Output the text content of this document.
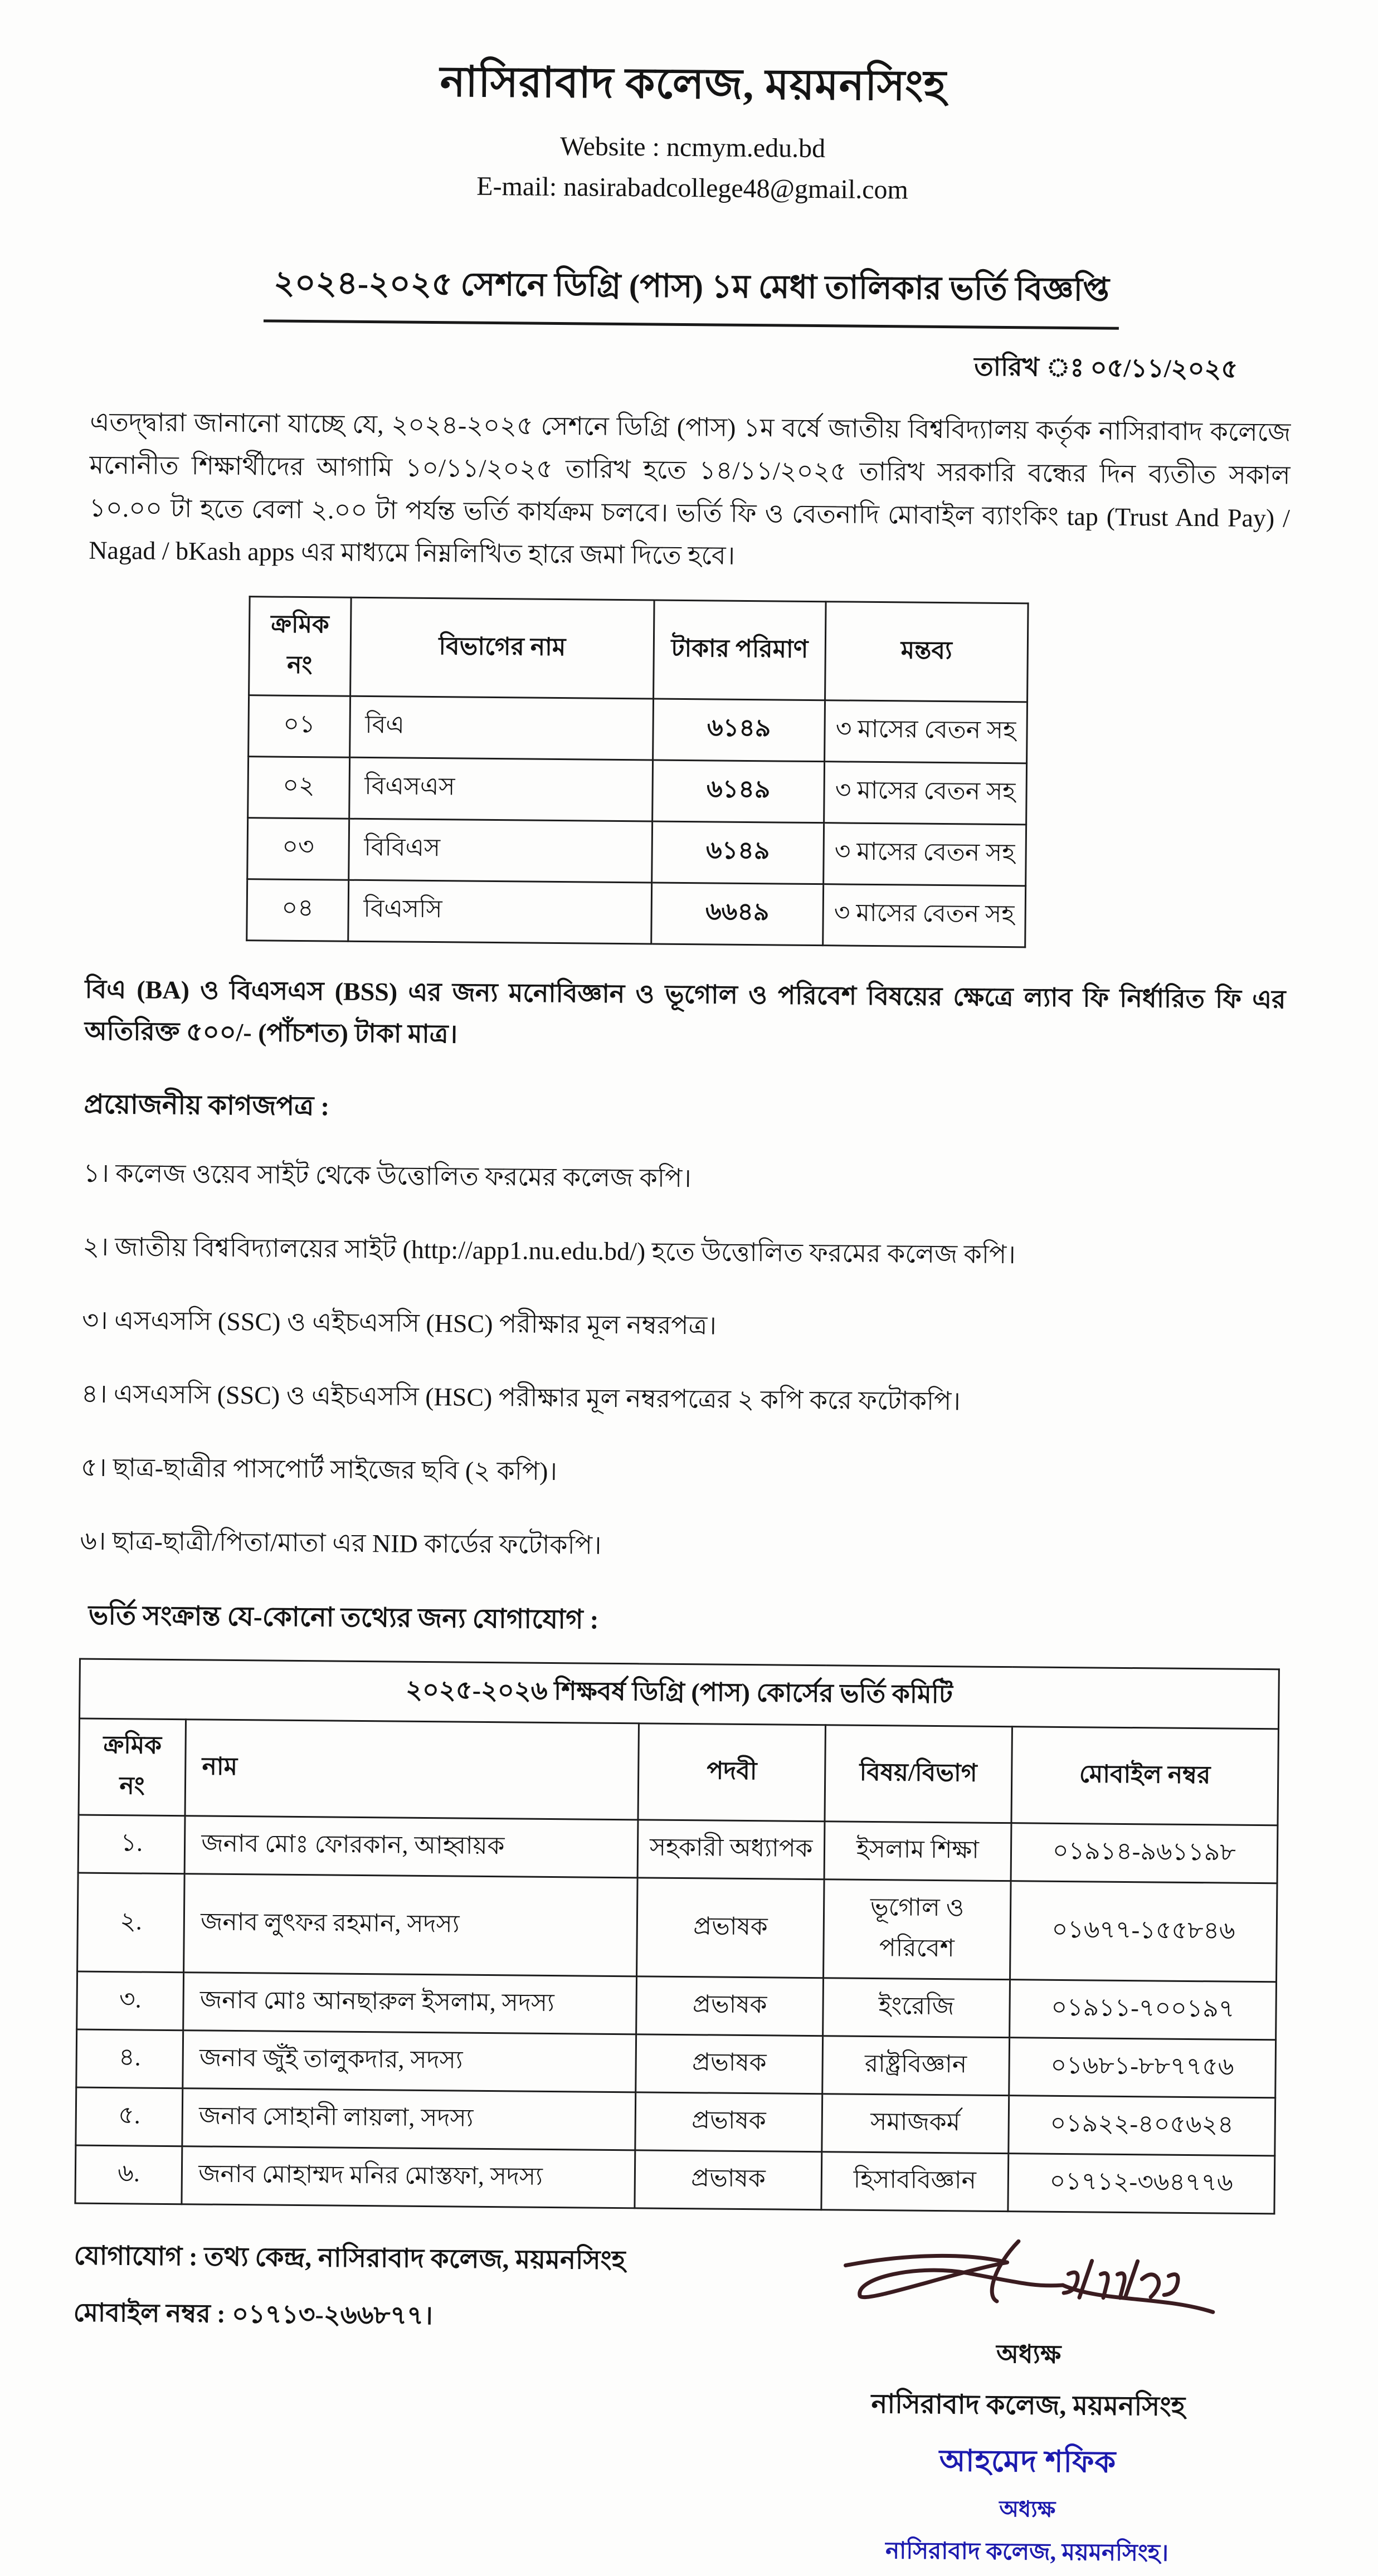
নাসিরাবাদ কলেজ, ময়মনসিংহ
Website : ncmym.edu.bd
E-mail: nasirabadcollege48@gmail.com
২০২৪-২০২৫ সেশনে ডিগ্রি (পাস) ১ম মেধা তালিকার ভর্তি বিজ্ঞপ্তি
তারিখ ঃ ০৫/১১/২০২৫
এতদ্দ্বারা জানানো যাচ্ছে যে, ২০২৪-২০২৫ সেশনে ডিগ্রি (পাস) ১ম বর্ষে জাতীয় বিশ্ববিদ্যালয় কর্তৃক নাসিরাবাদ কলেজে মনোনীত শিক্ষার্থীদের আগামি ১০/১১/২০২৫ তারিখ হতে ১৪/১১/২০২৫ তারিখ সরকারি বন্ধের দিন ব্যতীত সকাল ১০.০০ টা হতে বেলা ২.০০ টা পর্যন্ত ভর্তি কার্যক্রম চলবে। ভর্তি ফি ও বেতনাদি মোবাইল ব্যাংকিং tap (Trust And Pay) / Nagad / bKash apps এর মাধ্যমে নিম্নলিখিত হারে জমা দিতে হবে।
ক্রমিক নং	বিভাগের নাম	টাকার পরিমাণ	মন্তব্য
০১	বিএ	৬১৪৯	৩ মাসের বেতন সহ
০২	বিএসএস	৬১৪৯	৩ মাসের বেতন সহ
০৩	বিবিএস	৬১৪৯	৩ মাসের বেতন সহ
০৪	বিএসসি	৬৬৪৯	৩ মাসের বেতন সহ
বিএ (BA) ও বিএসএস (BSS) এর জন্য মনোবিজ্ঞান ও ভূগোল ও পরিবেশ বিষয়ের ক্ষেত্রে ল্যাব ফি নির্ধারিত ফি এর অতিরিক্ত ৫০০/- (পাঁচশত) টাকা মাত্র।
প্রয়োজনীয় কাগজপত্র :
১। কলেজ ওয়েব সাইট থেকে উত্তোলিত ফরমের কলেজ কপি।
২। জাতীয় বিশ্ববিদ্যালয়ের সাইট (http://app1.nu.edu.bd/) হতে উত্তোলিত ফরমের কলেজ কপি।
৩। এসএসসি (SSC) ও এইচএসসি (HSC) পরীক্ষার মূল নম্বরপত্র।
৪। এসএসসি (SSC) ও এইচএসসি (HSC) পরীক্ষার মূল নম্বরপত্রের ২ কপি করে ফটোকপি।
৫। ছাত্র-ছাত্রীর পাসপোর্ট সাইজের ছবি (২ কপি)।
৬। ছাত্র-ছাত্রী/পিতা/মাতা এর NID কার্ডের ফটোকপি।
ভর্তি সংক্রান্ত যে-কোনো তথ্যের জন্য যোগাযোগ :
২০২৫-২০২৬ শিক্ষবর্ষ ডিগ্রি (পাস) কোর্সের ভর্তি কমিটি				
ক্রমিক নং	নাম	পদবী	বিষয়/বিভাগ	মোবাইল নম্বর
১.	জনাব মোঃ ফোরকান, আহ্বায়ক	সহকারী অধ্যাপক	ইসলাম শিক্ষা	০১৯১৪-৯৬১১৯৮
২.	জনাব লুৎফর রহমান, সদস্য	প্রভাষক	ভূগোল ও পরিবেশ	০১৬৭৭-১৫৫৮৪৬
৩.	জনাব মোঃ আনছারুল ইসলাম, সদস্য	প্রভাষক	ইংরেজি	০১৯১১-৭০০১৯৭
৪.	জনাব জুঁই তালুকদার, সদস্য	প্রভাষক	রাষ্ট্রবিজ্ঞান	০১৬৮১-৮৮৭৭৫৬
৫.	জনাব সোহানী লায়লা, সদস্য	প্রভাষক	সমাজকর্ম	০১৯২২-৪০৫৬২৪
৬.	জনাব মোহাম্মদ মনির মোস্তফা, সদস্য	প্রভাষক	হিসাববিজ্ঞান	০১৭১২-৩৬৪৭৭৬
যোগাযোগ : তথ্য কেন্দ্র, নাসিরাবাদ কলেজ, ময়মনসিংহ
মোবাইল নম্বর : ০১৭১৩-২৬৬৮৭৭।
অধ্যক্ষ
নাসিরাবাদ কলেজ, ময়মনসিংহ
আহমেদ শফিক
অধ্যক্ষ
নাসিরাবাদ কলেজ, ময়মনসিংহ।
